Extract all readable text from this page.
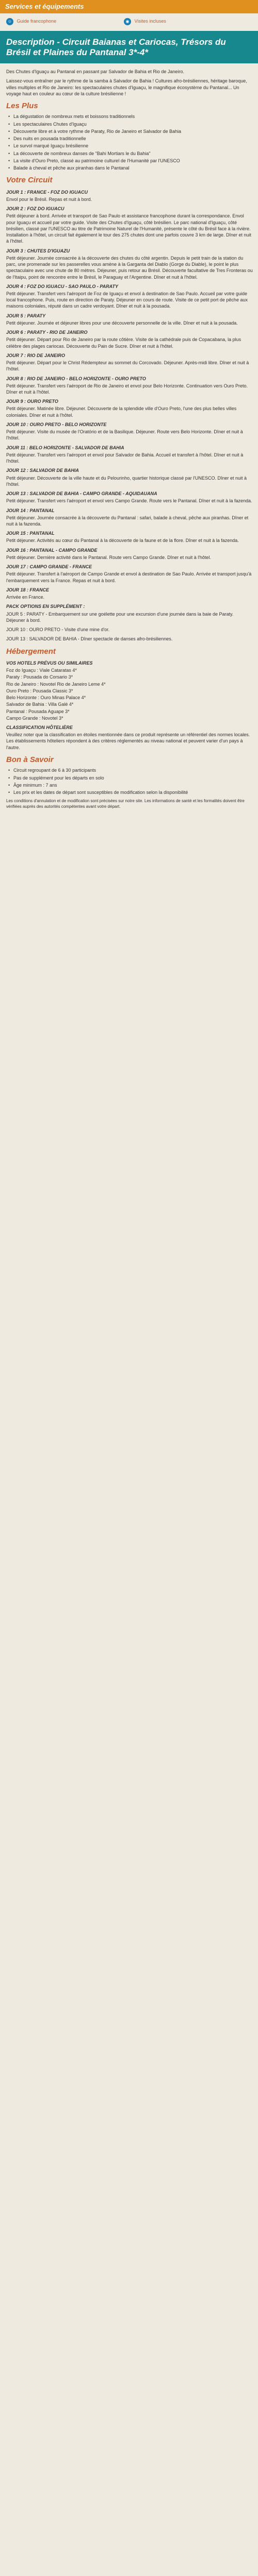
Services et équipements
☺ Guide francophone	◉ Visites incluses
Description - Circuit Baianas et Cariocas, Trésors du Brésil et Plaines du Pantanal 3*-4*

Des Chutes d'Iguaçu au Pantanal en passant par Salvador de Bahia et Rio de Janeiro.

Laissez-vous entraîner par le rythme de la samba à Salvador de Bahia ! Cultures afro-brésiliennes, héritage baroque, villes multiples et Rio de Janeiro: les spectaculaires chutes d'Iguaçu, le magnifique écosystème du Pantanal... Un voyage haut en couleur au cœur de la culture brésilienne !

Les Plus
• La dégustation de nombreux mets et boissons traditionnels
• Les spectaculaires Chutes d'Iguaçu
• Découverte libre et à votre rythme de Paraty, Rio de Janeiro et Salvador de Bahia
• Des nuits en pousada traditionnelle
• Le survol marqué Iguaçu brésilienne
• La découverte de nombreux danses de "Bahi Mortiars le du Bahia"
• La visite d'Ouro Preto, classé au patrimoine culturel de l'Humanité par l'UNESCO
• Balade à cheval et pêche aux piranhas dans le Pantanal
Votre Circuit
JOUR 1 : FRANCE - FOZ DO IGUACU

Envol pour le Brésil. Repas et nuit à bord.

JOUR 2 : FOZ DO IGUACU

Petit déjeuner à bord. Arrivée et transport de Sao Paulo et assistance francophone durant la correspondance. Envol pour Iguaçu et accueil par votre guide. Visite des Chutes d'Iguaçu, côté brésilien. Le parc national d'Iguaçu, côté brésilien, classé par l'UNESCO au titre de Patrimoine Naturel de l'Humanité, présente le côté du Brésil face à la rivière. Installation à l'hôtel, un circuit fait également le tour des 275 chutes dont une parfois couvre 3 km de large. Dîner et nuit à l'hôtel.

JOUR 3 : CHUTES D'IGUAZU

Petit déjeuner. Journée consacrée à la découverte des chutes du côté argentin. Depuis le petit train de la station du parc, une promenade sur les passerelles vous amène à la Garganta del Diablo (Gorge du Diable), le point le plus spectaculaire avec une chute de 80 mètres. Déjeuner, puis retour au Brésil. Découverte facultative de Tres Fronteras ou de l'Itaipu, point de rencontre entre le Brésil, le Paraguay et l'Argentine. Dîner et nuit à l'hôtel.

JOUR 4 : FOZ DO IGUACU - SAO PAULO - PARATY

Petit déjeuner. Transfert vers l'aéroport de Foz de Iguaçu et envol à destination de Sao Paulo. Accueil par votre guide local francophone. Puis, route en direction de Paraty. Déjeuner en cours de route. Visite de ce petit port de pêche aux maisons coloniales, réputé dans un cadre verdoyant. Dîner et nuit à la pousada.

JOUR 5 : PARATY

Petit déjeuner. Journée et déjeuner libres pour une découverte personnelle de la ville. Dîner et nuit à la pousada.

JOUR 6 : PARATY - RIO DE JANEIRO

Petit déjeuner. Départ pour Rio de Janeiro par la route côtière. Visite de la cathédrale puis de Copacabana, la plus célèbre des plages cariocas. Découverte du Pain de Sucre. Dîner et nuit à l'hôtel.

JOUR 7 : RIO DE JANEIRO

Petit déjeuner. Départ pour le Christ Rédempteur au sommet du Corcovado. Déjeuner. Après-midi libre. Dîner et nuit à l'hôtel.

JOUR 8 : RIO DE JANEIRO - BELO HORIZONTE - OURO PRETO

Petit déjeuner. Transfert vers l'aéroport de Rio de Janeiro et envol pour Belo Horizonte. Continuation vers Ouro Preto. Dîner et nuit à l'hôtel.

JOUR 9 : OURO PRETO

Petit déjeuner. Matinée libre. Déjeuner. Découverte de la splendide ville d'Ouro Preto, l'une des plus belles villes coloniales. Dîner et nuit à l'hôtel.

JOUR 10 : OURO PRETO - BELO HORIZONTE

Petit déjeuner. Visite du musée de l'Oratório et de la Basilique. Déjeuner. Route vers Belo Horizonte. Dîner et nuit à l'hôtel.

JOUR 11 : BELO HORIZONTE - SALVADOR DE BAHIA

Petit déjeuner. Transfert vers l'aéroport et envol pour Salvador de Bahia. Accueil et transfert à l'hôtel. Dîner et nuit à l'hôtel.

JOUR 12 : SALVADOR DE BAHIA

Petit déjeuner. Découverte de la ville haute et du Pelourinho, quartier historique classé par l'UNESCO. Dîner et nuit à l'hôtel.

JOUR 13 : SALVADOR DE BAHIA - CAMPO GRANDE - AQUIDAUANA

Petit déjeuner. Transfert vers l'aéroport et envol vers Campo Grande. Route vers le Pantanal. Dîner et nuit à la fazenda.

JOUR 14 : PANTANAL

Petit déjeuner. Journée consacrée à la découverte du Pantanal : safari, balade à cheval, pêche aux piranhas. Dîner et nuit à la fazenda.

JOUR 15 : PANTANAL

Petit déjeuner. Activités au cœur du Pantanal à la découverte de la faune et de la flore. Dîner et nuit à la fazenda.

JOUR 16 : PANTANAL - CAMPO GRANDE

Petit déjeuner. Dernière activité dans le Pantanal. Route vers Campo Grande. Dîner et nuit à l'hôtel.

JOUR 17 : CAMPO GRANDE - FRANCE

Petit déjeuner. Transfert à l'aéroport de Campo Grande et envol à destination de Sao Paulo. Arrivée et transport jusqu'à l'embarquement vers la France. Repas et nuit à bord.

JOUR 18 : FRANCE

Arrivée en France.

PACK OPTIONS EN SUPPLÉMENT :

JOUR 5 : PARATY - Embarquement sur une goélette pour une excursion d'une journée dans la baie de Paraty. Déjeuner à bord.

JOUR 10 : OURO PRETO - Visite d'une mine d'or.

JOUR 13 : SALVADOR DE BAHIA - Dîner spectacle de danses afro-brésiliennes.

Hébergement
VOS HOTELS PRÉVUS OU SIMILAIRES
Foz do Iguaçu : Viale Cataratas 4*
Paraty : Pousada do Corsario 3*
Rio de Janeiro : Novotel Rio de Janeiro Leme 4*
Ouro Preto : Pousada Classic 3*
Belo Horizonte : Ouro Minas Palace 4*
Salvador de Bahia : Villa Galé 4*
Pantanal : Pousada Aguape 3*
Campo Grande : Novotel 3*
CLASSIFICATION HÔTELIÈRE

Veuillez noter que la classification en étoiles mentionnée dans ce produit représente un référentiel des normes locales. Les établissements hôteliers répondent à des critères réglementés au niveau national et peuvent varier d'un pays à l'autre.

Bon à Savoir
• Circuit regroupant de 6 à 30 participants
• Pas de supplément pour les départs en solo
• Âge minimum : 7 ans
• Les prix et les dates de départ sont susceptibles de modification selon la disponibilité

Les conditions d'annulation et de modification sont précisées sur notre site. Les informations de santé et les formalités doivent être vérifiées auprès des autorités compétentes avant votre départ.
